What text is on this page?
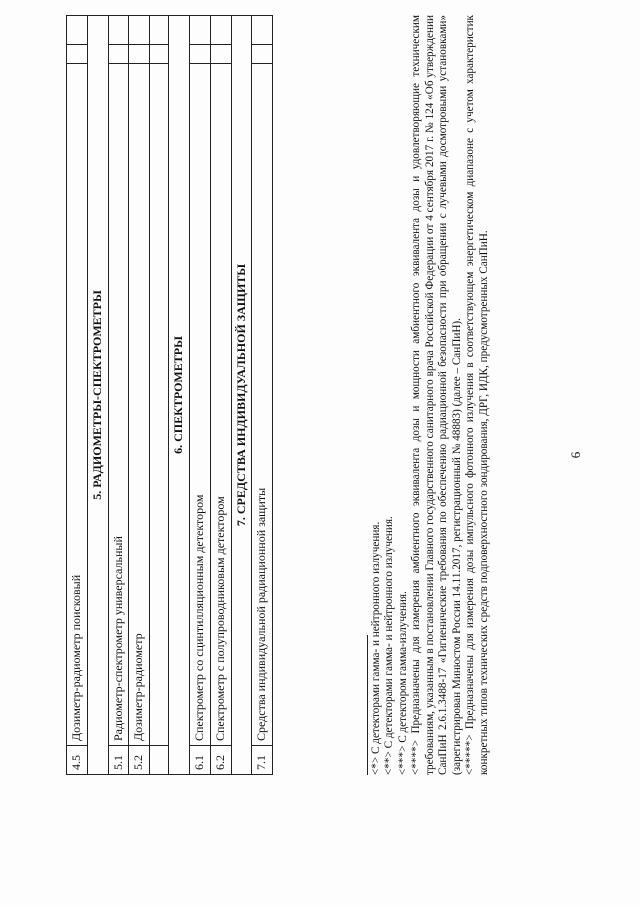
6
4.5	Дозиметр-радиометр поисковый		
5. РАДИОМЕТРЫ-СПЕКТРОМЕТРЫ			
5.1	Радиометр-спектрометр универсальный		
5.2	Дозиметр-радиометр		

6. СПЕКТРОМЕТРЫ			
6.1	Спектрометр со сцинтилляционным детектором		
6.2	Спектрометр с полупроводниковым детектором		
7. СРЕДСТВА ИНДИВИДУАЛЬНОЙ ЗАЩИТЫ			
7.1	Средства индивидуальной радиационной защиты			<*> С детекторами гамма- и нейтронного излучения. <**> С детекторами гамма- и нейтронного излучения. <***> С детектором гамма-излучения. <****> Предназначены для измерения амбиентного эквивалента дозы и мощности амбиентного эквивалента дозы и удовлетворяющие техническим требованиям, указанным в постановлении Главного государственного санитарного врача Российской Федерации от 4 сентября 2017 г. № 124 «Об утверждении СанПиН 2.6.1.3488-17 «Гигиенические требования по обеспечению радиационной безопасности при обращении с лучевыми досмотровыми установками» (зарегистрирован Минюстом России 14.11.2017, регистрационный № 48883) (далее – СанПиН). <*****> Предназначены для измерения дозы импульсного фотонного излучения в соответствующем энергетическом диапазоне с учетом характеристик конкретных типов технических средств подповерхностного зондирования, ДРГ, ИДК, предусмотренных СанПиН.
